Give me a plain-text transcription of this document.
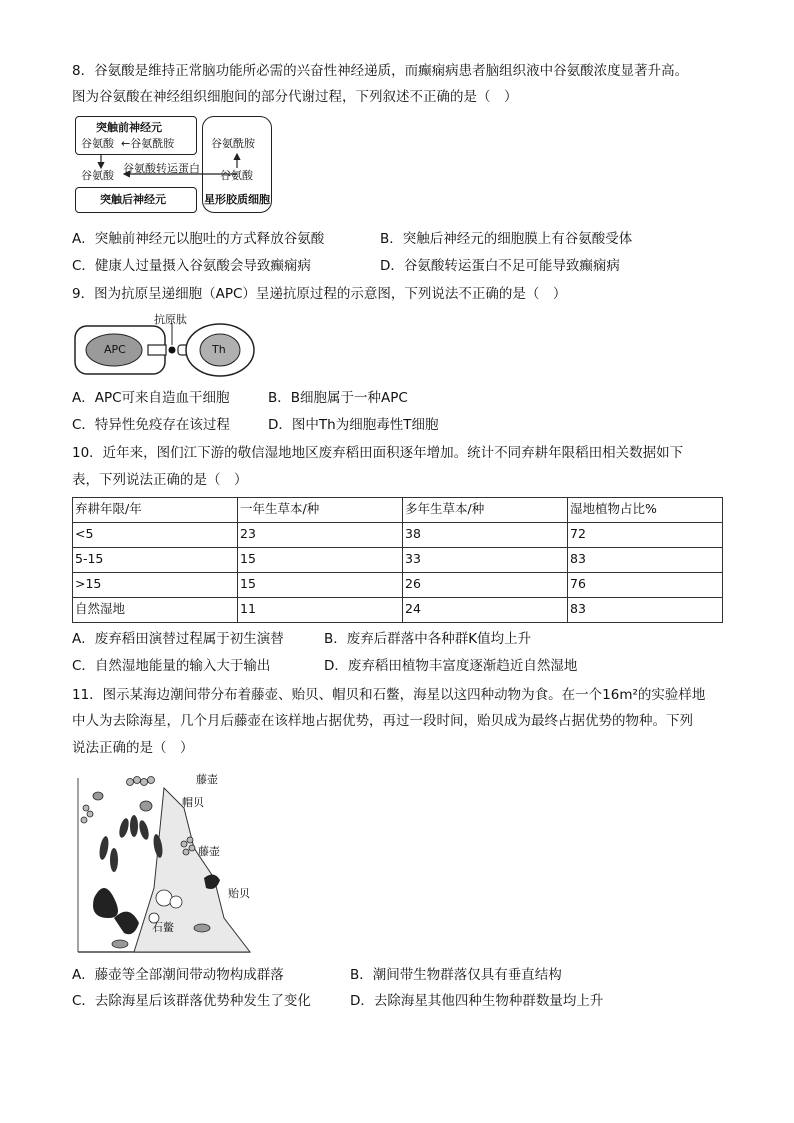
8．谷氨酸是维持正常脑功能所必需的兴奋性神经递质，而癫痫病患者脑组织液中谷氨酸浓度显著升高。
图为谷氨酸在神经组织细胞间的部分代谢过程，下列叙述不正确的是（　）
突触前神经元
谷氨酸 ←谷氨酰胺
谷氨酸
谷氨酸转运蛋白
突触后神经元
谷氨酰胺
谷氨酸
星形胶质细胞
A．突触前神经元以胞吐的方式释放谷氨酸	B．突触后神经元的细胞膜上有谷氨酸受体
C．健康人过量摄入谷氨酸会导致癫痫病	D．谷氨酸转运蛋白不足可能导致癫痫病
9．图为抗原呈递细胞（APC）呈递抗原过程的示意图，下列说法不正确的是（　）
抗原肽
APC	Th
A．APC可来自造血干细胞	B．B细胞属于一种APC
C．特异性免疫存在该过程	D．图中Th为细胞毒性T细胞
10．近年来，图们江下游的敬信湿地地区废弃稻田面积逐年增加。统计不同弃耕年限稻田相关数据如下
表，下列说法正确的是（　）
弃耕年限/年	一年生草本/种	多年生草本/种	湿地植物占比%
<5	23	38	72
5-15	15	33	83
>15	15	26	76
自然湿地	11	24	83
A．废弃稻田演替过程属于初生演替	B．废弃后群落中各种群K值均上升
C．自然湿地能量的输入大于输出	D．废弃稻田植物丰富度逐渐趋近自然湿地
11．图示某海边潮间带分布着藤壶、贻贝、帽贝和石鳖，海星以这四种动物为食。在一个16m²的实验样地
中人为去除海星，几个月后藤壶在该样地占据优势，再过一段时间，贻贝成为最终占据优势的物种。下列
说法正确的是（　）
藤壶
帽贝
藤壶
贻贝
石鳖
A．藤壶等全部潮间带动物构成群落	B．潮间带生物群落仅具有垂直结构
C．去除海星后该群落优势种发生了变化	D．去除海星其他四种生物种群数量均上升
